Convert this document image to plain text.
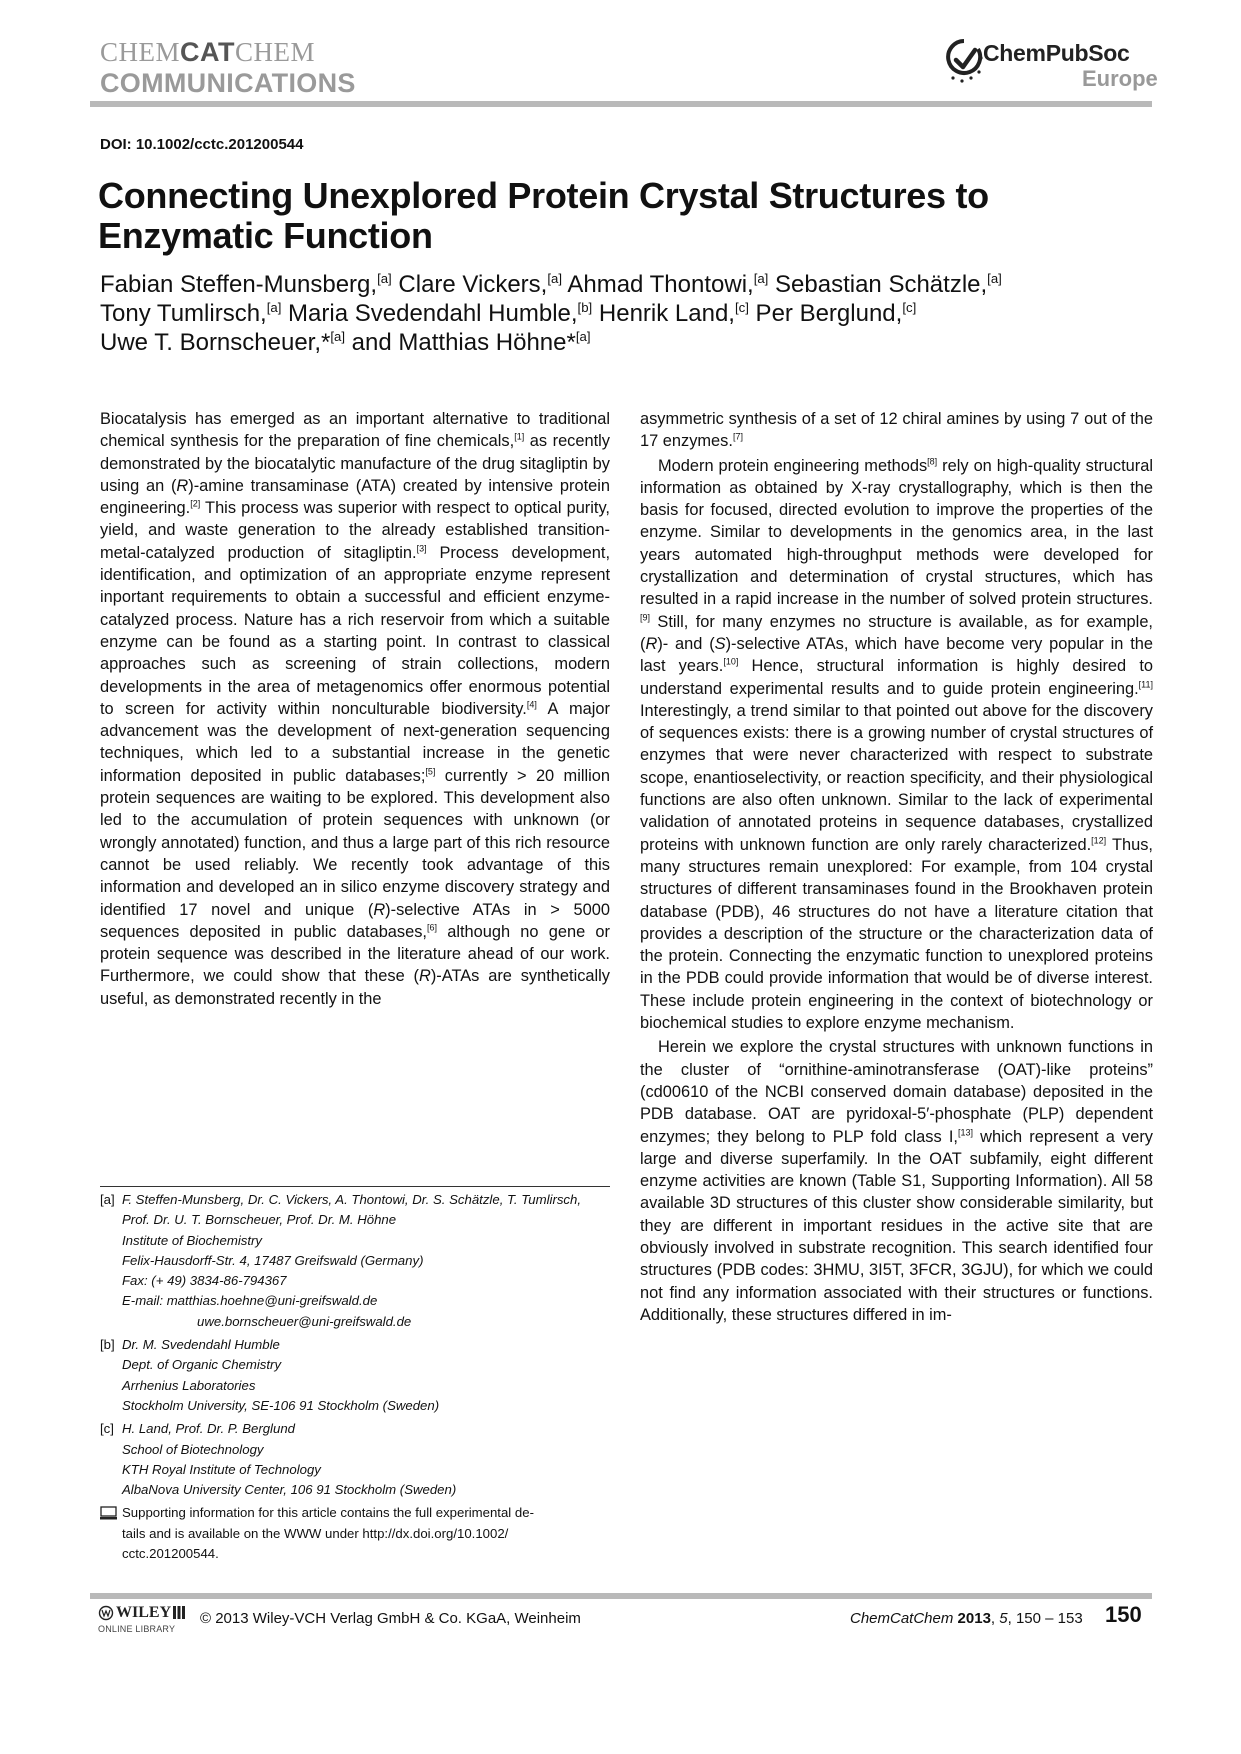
CHEMCATCHEM
COMMUNICATIONS
ChemPubSoc
Europe
DOI: 10.1002/cctc.201200544
Connecting Unexplored Protein Crystal Structures to Enzymatic Function

Fabian Steffen-Munsberg,[a] Clare Vickers,[a] Ahmad Thontowi,[a] Sebastian Schätzle,[a]

Tony Tumlirsch,[a] Maria Svedendahl Humble,[b] Henrik Land,[c] Per Berglund,[c]

Uwe T. Bornscheuer,*[a] and Matthias Höhne*[a]

Biocatalysis has emerged as an important alternative to traditional chemical synthesis for the preparation of fine chemicals,[1] as recently demonstrated by the biocatalytic manufacture of the drug sitagliptin by using an (R)-amine transaminase (ATA) created by intensive protein engineering.[2] This process was superior with respect to optical purity, yield, and waste generation to the already established transition-metal-catalyzed production of sitagliptin.[3] Process development, identification, and optimization of an appropriate enzyme represent inportant requirements to obtain a successful and efficient enzyme-catalyzed process. Nature has a rich reservoir from which a suitable enzyme can be found as a starting point. In contrast to classical approaches such as screening of strain collections, modern developments in the area of metagenomics offer enormous potential to screen for activity within nonculturable biodiversity.[4] A major advancement was the development of next-generation sequencing techniques, which led to a substantial increase in the genetic information deposited in public databases;[5] currently > 20 million protein sequences are waiting to be explored. This development also led to the accumulation of protein sequences with unknown (or wrongly annotated) function, and thus a large part of this rich resource cannot be used reliably. We recently took advantage of this information and developed an in silico enzyme discovery strategy and identified 17 novel and unique (R)-selective ATAs in > 5000 sequences deposited in public databases,[6] although no gene or protein sequence was described in the literature ahead of our work. Furthermore, we could show that these (R)-ATAs are synthetically useful, as demonstrated recently in the

asymmetric synthesis of a set of 12 chiral amines by using 7 out of the 17 enzymes.[7]

Modern protein engineering methods[8] rely on high-quality structural information as obtained by X-ray crystallography, which is then the basis for focused, directed evolution to improve the properties of the enzyme. Similar to developments in the genomics area, in the last years automated high-throughput methods were developed for crystallization and determination of crystal structures, which has resulted in a rapid increase in the number of solved protein structures.[9] Still, for many enzymes no structure is available, as for example, (R)- and (S)-selective ATAs, which have become very popular in the last years.[10] Hence, structural information is highly desired to understand experimental results and to guide protein engineering.[11] Interestingly, a trend similar to that pointed out above for the discovery of sequences exists: there is a growing number of crystal structures of enzymes that were never characterized with respect to substrate scope, enantioselectivity, or reaction specificity, and their physiological functions are also often unknown. Similar to the lack of experimental validation of annotated proteins in sequence databases, crystallized proteins with unknown function are only rarely characterized.[12] Thus, many structures remain unexplored: For example, from 104 crystal structures of different transaminases found in the Brookhaven protein database (PDB), 46 structures do not have a literature citation that provides a description of the structure or the characterization data of the protein. Connecting the enzymatic function to unexplored proteins in the PDB could provide information that would be of diverse interest. These include protein engineering in the context of biotechnology or biochemical studies to explore enzyme mechanism.

Herein we explore the crystal structures with unknown functions in the cluster of “ornithine-aminotransferase (OAT)-like proteins” (cd00610 of the NCBI conserved domain database) deposited in the PDB database. OAT are pyridoxal-5′-phosphate (PLP) dependent enzymes; they belong to PLP fold class I,[13] which represent a very large and diverse superfamily. In the OAT subfamily, eight different enzyme activities are known (Table S1, Supporting Information). All 58 available 3D structures of this cluster show considerable similarity, but they are different in important residues in the active site that are obviously involved in substrate recognition. This search identified four structures (PDB codes: 3HMU, 3I5T, 3FCR, 3GJU), for which we could not find any information associated with their structures or functions. Additionally, these structures differed in im-

[a] F. Steffen-Munsberg, Dr. C. Vickers, A. Thontowi, Dr. S. Schätzle, T. Tumlirsch,
Prof. Dr. U. T. Bornscheuer, Prof. Dr. M. Höhne
Institute of Biochemistry
Felix-Hausdorff-Str. 4, 17487 Greifswald (Germany)
Fax: (+ 49) 3834-86-794367
E-mail: matthias.hoehne@uni-greifswald.de
uwe.bornscheuer@uni-greifswald.de
[b] Dr. M. Svedendahl Humble
Dept. of Organic Chemistry
Arrhenius Laboratories
Stockholm University, SE-106 91 Stockholm (Sweden)
[c] H. Land, Prof. Dr. P. Berglund
School of Biotechnology
KTH Royal Institute of Technology
AlbaNova University Center, 106 91 Stockholm (Sweden)
Supporting information for this article contains the full experimental de-
tails and is available on the WWW under http://dx.doi.org/10.1002/
cctc.201200544.
WILEY
ONLINE LIBRARY
© 2013 Wiley-VCH Verlag GmbH & Co. KGaA, Weinheim	ChemCatChem 2013, 5, 150 – 153 150
